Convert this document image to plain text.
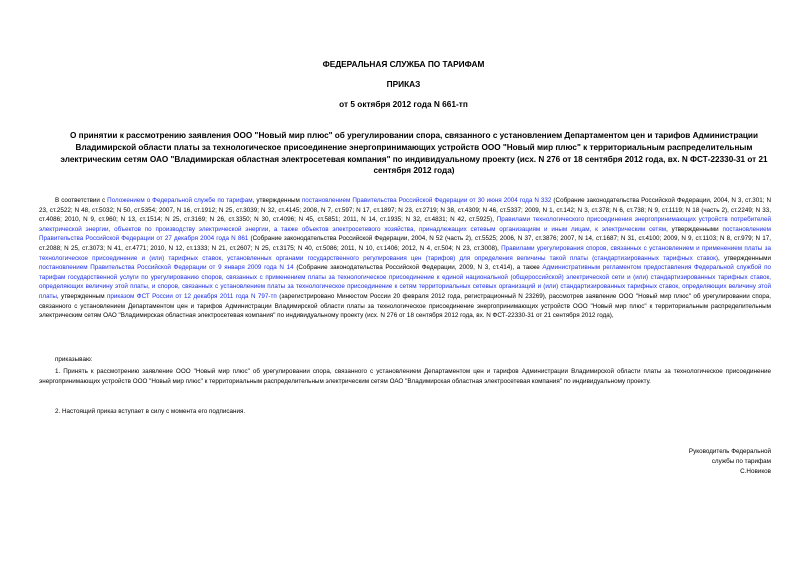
ФЕДЕРАЛЬНАЯ СЛУЖБА ПО ТАРИФАМ
ПРИКАЗ
от 5 октября 2012 года N 661-тп
О принятии к рассмотрению заявления ООО "Новый мир плюс" об урегулировании спора, связанного с установлением Департаментом цен и тарифов Администрации Владимирской области платы за технологическое присоединение энергопринимающих устройств ООО "Новый мир плюс" к территориальным распределительным электрическим сетям ОАО "Владимирская областная электросетевая компания" по индивидуальному проекту (исх. N 276 от 18 сентября 2012 года, вх. N ФСТ-22330-31 от 21 сентября 2012 года)

В соответствии с Положением о Федеральной службе по тарифам, утвержденным постановлением Правительства Российской Федерации от 30 июня 2004 года N 332 (Собрание законодательства Российской Федерации, 2004, N 3, ст.301; N 23, ст.2522; N 48, ст.5032; N 50, ст.5354; 2007, N 16, ст.1912; N 25, ст.3039; N 32, ст.4145; 2008, N 7, ст.597; N 17, ст.1897; N 23, ст.2719; N 38, ст.4309; N 46, ст.5337; 2009, N 1, ст.142; N 3, ст.378; N 6, ст.738; N 9, ст.1119; N 18 (часть 2), ст.2249; N 33, ст.4086; 2010, N 9, ст.960; N 13, ст.1514; N 25, ст.3169; N 26, ст.3350; N 30, ст.4096; N 45, ст.5851; 2011, N 14, ст.1935; N 32, ст.4831; N 42, ст.5925), Правилами технологического присоединения энергопринимающих устройств потребителей электрической энергии, объектов по производству электрической энергии, а также объектов электросетевого хозяйства, принадлежащих сетевым организациям и иным лицам, к электрическим сетям, утвержденными постановлением Правительства Российской Федерации от 27 декабря 2004 года N 861 (Собрание законодательства Российской Федерации, 2004, N 52 (часть 2), ст.5525; 2006, N 37, ст.3876; 2007, N 14, ст.1687; N 31, ст.4100; 2009, N 9, ст.1103; N 8, ст.979; N 17, ст.2088; N 25, ст.3073; N 41, ст.4771; 2010, N 12, ст.1333; N 21, ст.2607; N 25, ст.3175; N 40, ст.5086; 2011, N 10, ст.1406; 2012, N 4, ст.504; N 23, ст.3008), Правилами урегулирования споров, связанных с установлением и применением платы за технологическое присоединение и (или) тарифных ставок, установленных органами государственного регулирования цен (тарифов) для определения величины такой платы (стандартизированных тарифных ставок), утвержденными постановлением Правительства Российской Федерации от 9 января 2009 года N 14 (Собрание законодательства Российской Федерации, 2009, N 3, ст.414), а также Административным регламентом предоставления Федеральной службой по тарифам государственной услуги по урегулированию споров, связанных с применением платы за технологическое присоединение к единой национальной (общероссийской) электрической сети и (или) стандартизированных тарифных ставок, определяющих величину этой платы, и споров, связанных с установлением платы за технологическое присоединение к сетям территориальных сетевых организаций и (или) стандартизированных тарифных ставок, определяющих величину этой платы, утвержденным приказом ФСТ России от 12 декабря 2011 года N 797-тп (зарегистрировано Минюстом России 20 февраля 2012 года, регистрационный N 23269), рассмотрев заявление ООО "Новый мир плюс" об урегулировании спора, связанного с установлением Департаментом цен и тарифов Администрации Владимирской области платы за технологическое присоединение энергопринимающих устройств ООО "Новый мир плюс" к территориальным распределительным электрическим сетям ОАО "Владимирская областная электросетевая компания" по индивидуальному проекту (исх. N 276 от 18 сентября 2012 года, вх. N ФСТ-22330-31 от 21 сентября 2012 года),

приказываю:

1. Принять к рассмотрению заявление ООО "Новый мир плюс" об урегулировании спора, связанного с установлением Департаментом цен и тарифов Администрации Владимирской области платы за технологическое присоединение энергопринимающих устройств ООО "Новый мир плюс" к территориальным распределительным электрическим сетям ОАО "Владимирская областная электросетевая компания" по индивидуальному проекту.

2. Настоящий приказ вступает в силу с момента его подписания.

Руководитель Федеральной
службы по тарифам
С.Новиков
